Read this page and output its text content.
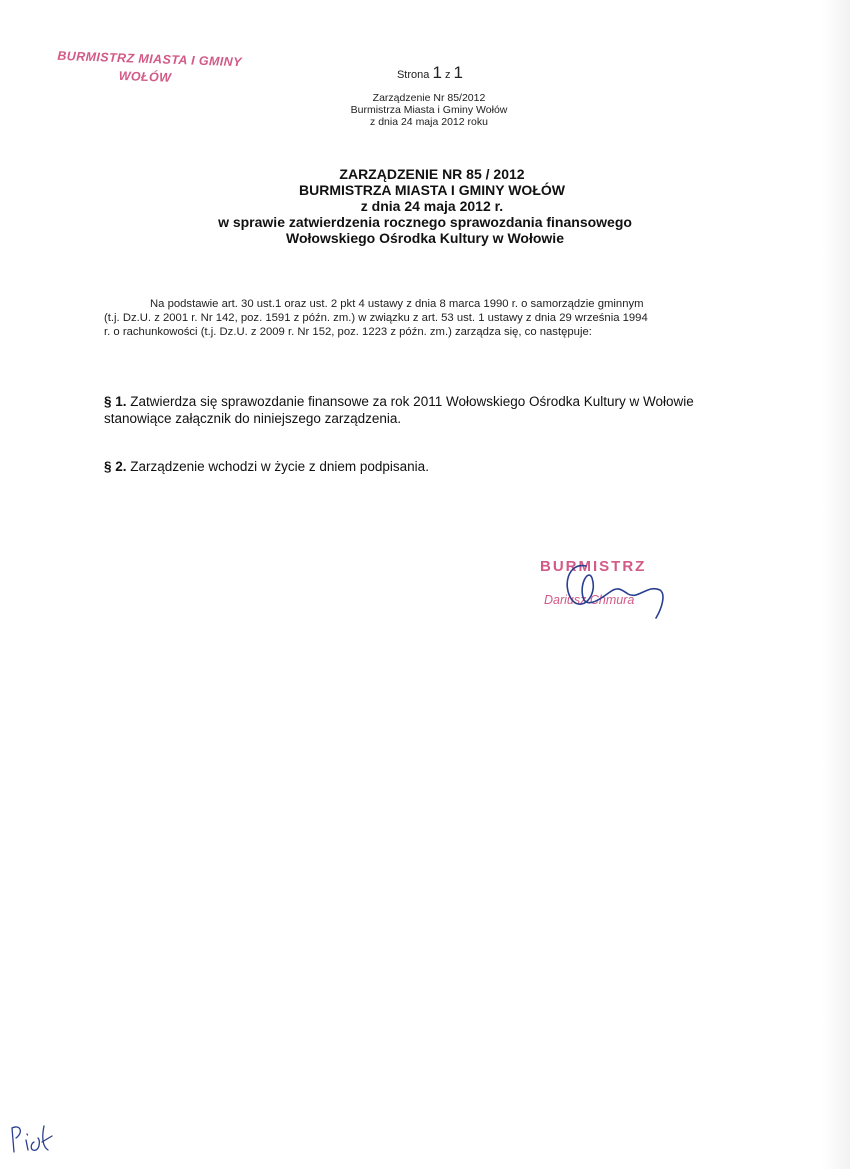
BURMISTRZ MIASTA I GMINY
WOŁÓW	Strona 1 z 1
Zarządzenie Nr 85/2012
Burmistrza Miasta i Gminy Wołów
z dnia 24 maja 2012 roku
ZARZĄDZENIE NR 85 / 2012
BURMISTRZA MIASTA I GMINY WOŁÓW
z dnia 24 maja 2012 r.
w sprawie zatwierdzenia rocznego sprawozdania finansowego
Wołowskiego Ośrodka Kultury w Wołowie
Na podstawie art. 30 ust.1 oraz ust. 2 pkt 4 ustawy z dnia 8 marca 1990 r. o samorządzie gminnym
(t.j. Dz.U. z 2001 r. Nr 142, poz. 1591 z późn. zm.) w związku z art. 53 ust. 1 ustawy z dnia 29 września 1994
r. o rachunkowości (t.j. Dz.U. z 2009 r. Nr 152, poz. 1223 z późn. zm.) zarządza się, co następuje:
§ 1. Zatwierdza się sprawozdanie finansowe za rok 2011 Wołowskiego Ośrodka Kultury w Wołowie
stanowiące załącznik do niniejszego zarządzenia.
§ 2. Zarządzenie wchodzi w życie z dniem podpisania.
BURMISTRZ
Dariusz Chmura
